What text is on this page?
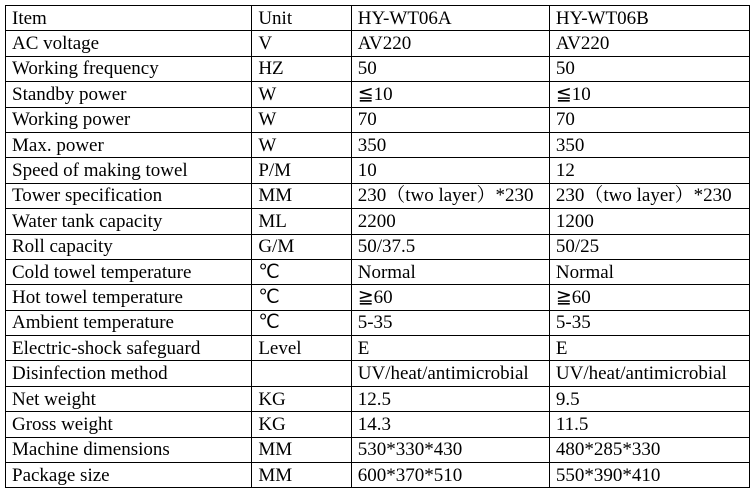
Item	Unit	HY-WT06A	HY-WT06B
AC voltage	V	AV220	AV220
Working frequency	HZ	50	50
Standby power	W	≦10	≦10
Working power	W	70	70
Max. power	W	350	350
Speed of making towel	P/M	10	12
Tower specification	MM	230（two layer）*230	230（two layer）*230
Water tank capacity	ML	2200	1200
Roll capacity	G/M	50/37.5	50/25
Cold towel temperature	℃	Normal	Normal
Hot towel temperature	℃	≧60	≧60
Ambient temperature	℃	5-35	5-35
Electric-shock safeguard	Level	E	E
Disinfection method		UV/heat/antimicrobial	UV/heat/antimicrobial
Net weight	KG	12.5	9.5
Gross weight	KG	14.3	11.5
Machine dimensions	MM	530*330*430	480*285*330
Package size	MM	600*370*510	550*390*410
